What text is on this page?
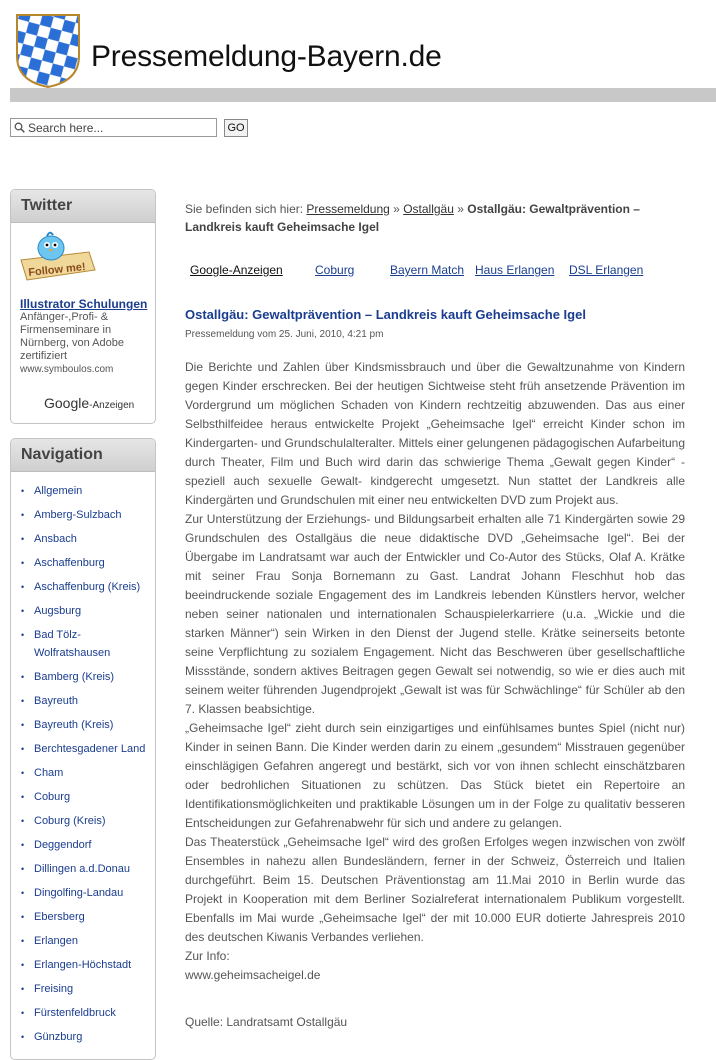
Pressemeldung-Bayern.de
Search here...
GO
Twitter
Follow me!
Illustrator Schulungen
Anfänger-,Profi- & Firmenseminare in Nürnberg, von Adobe zertifiziert
www.symboulos.com
Google-Anzeigen
Navigation
• Allgemein
• Amberg-Sulzbach
• Ansbach
• Aschaffenburg
• Aschaffenburg (Kreis)
• Augsburg
• Bad Tölz-Wolfratshausen
• Bamberg (Kreis)
• Bayreuth
• Bayreuth (Kreis)
• Berchtesgadener Land
• Cham
• Coburg
• Coburg (Kreis)
• Deggendorf
• Dillingen a.d.Donau
• Dingolfing-Landau
• Ebersberg
• Erlangen
• Erlangen-Höchstadt
• Freising
• Fürstenfeldbruck
• Günzburg
Sie befinden sich hier: Pressemeldung » Ostallgäu » Ostallgäu: Gewaltprävention – Landkreis kauft Geheimsache Igel
Google-Anzeigen	Coburg	Bayern Match Haus Erlangen DSL Erlangen
Ostallgäu: Gewaltprävention – Landkreis kauft Geheimsache Igel
Pressemeldung vom 25. Juni, 2010, 4:21 pm

Die Berichte und Zahlen über Kindsmissbrauch und über die Gewaltzunahme von Kindern gegen Kinder erschrecken. Bei der heutigen Sichtweise steht früh ansetzende Prävention im Vordergrund um möglichen Schaden von Kindern rechtzeitig abzuwenden. Das aus einer Selbsthilfeidee heraus entwickelte Projekt „Geheimsache Igel“ erreicht Kinder schon im Kindergarten- und Grundschulalteralter. Mittels einer gelungenen pädagogischen Aufarbeitung durch Theater, Film und Buch wird darin das schwierige Thema „Gewalt gegen Kinder“ -speziell auch sexuelle Gewalt- kindgerecht umgesetzt. Nun stattet der Landkreis alle Kindergärten und Grundschulen mit einer neu entwickelten DVD zum Projekt aus.

Zur Unterstützung der Erziehungs- und Bildungsarbeit erhalten alle 71 Kindergärten sowie 29 Grundschulen des Ostallgäus die neue didaktische DVD „Geheimsache Igel“. Bei der Übergabe im Landratsamt war auch der Entwickler und Co-Autor des Stücks, Olaf A. Krätke mit seiner Frau Sonja Bornemann zu Gast. Landrat Johann Fleschhut hob das beeindruckende soziale Engagement des im Landkreis lebenden Künstlers hervor, welcher neben seiner nationalen und internationalen Schauspielerkarriere (u.a. „Wickie und die starken Männer“) sein Wirken in den Dienst der Jugend stelle. Krätke seinerseits betonte seine Verpflichtung zu sozialem Engagement. Nicht das Beschweren über gesellschaftliche Missstände, sondern aktives Beitragen gegen Gewalt sei notwendig, so wie er dies auch mit seinem weiter führenden Jugendprojekt „Gewalt ist was für Schwächlinge“ für Schüler ab den 7. Klassen beabsichtige.

„Geheimsache Igel“ zieht durch sein einzigartiges und einfühlsames buntes Spiel (nicht nur) Kinder in seinen Bann. Die Kinder werden darin zu einem „gesundem“ Misstrauen gegenüber einschlägigen Gefahren angeregt und bestärkt, sich vor von ihnen schlecht einschätzbaren oder bedrohlichen Situationen zu schützen. Das Stück bietet ein Repertoire an Identifikationsmöglichkeiten und praktikable Lösungen um in der Folge zu qualitativ besseren Entscheidungen zur Gefahrenabwehr für sich und andere zu gelangen.

Das Theaterstück „Geheimsache Igel“ wird des großen Erfolges wegen inzwischen von zwölf Ensembles in nahezu allen Bundesländern, ferner in der Schweiz, Österreich und Italien durchgeführt. Beim 15. Deutschen Präventionstag am 11.Mai 2010 in Berlin wurde das Projekt in Kooperation mit dem Berliner Sozialreferat internationalem Publikum vorgestellt. Ebenfalls im Mai wurde „Geheimsache Igel“ der mit 10.000 EUR dotierte Jahrespreis 2010 des deutschen Kiwanis Verbandes verliehen.

Zur Info:

www.geheimsacheigel.de

Quelle: Landratsamt Ostallgäu
